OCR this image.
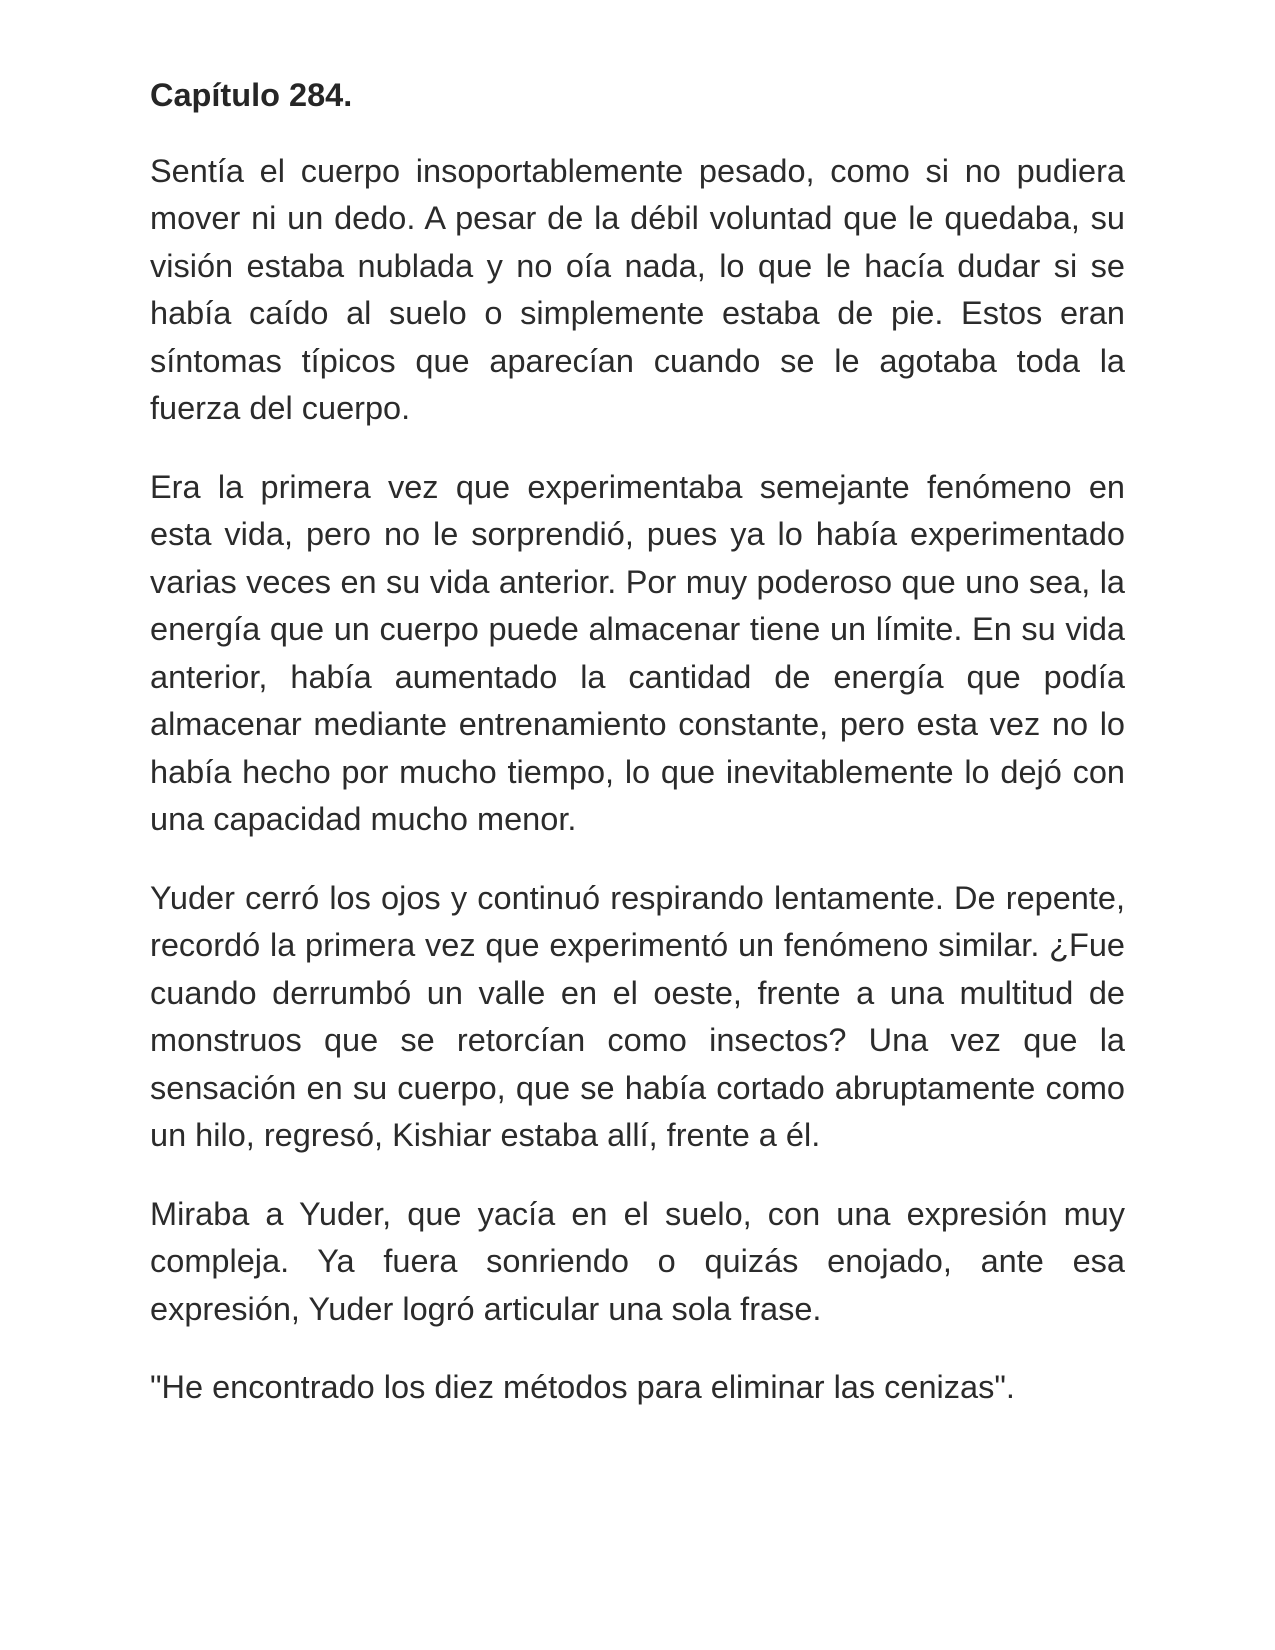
Capítulo 284.

Sentía el cuerpo insoportablemente pesado, como si no pudiera mover ni un dedo. A pesar de la débil voluntad que le quedaba, su visión estaba nublada y no oía nada, lo que le hacía dudar si se había caído al suelo o simplemente estaba de pie. Estos eran síntomas típicos que aparecían cuando se le agotaba toda la fuerza del cuerpo.

Era la primera vez que experimentaba semejante fenómeno en esta vida, pero no le sorprendió, pues ya lo había experimentado varias veces en su vida anterior. Por muy poderoso que uno sea, la energía que un cuerpo puede almacenar tiene un límite. En su vida anterior, había aumentado la cantidad de energía que podía almacenar mediante entrenamiento constante, pero esta vez no lo había hecho por mucho tiempo, lo que inevitablemente lo dejó con una capacidad mucho menor.

Yuder cerró los ojos y continuó respirando lentamente. De repente, recordó la primera vez que experimentó un fenómeno similar. ¿Fue cuando derrumbó un valle en el oeste, frente a una multitud de monstruos que se retorcían como insectos? Una vez que la sensación en su cuerpo, que se había cortado abruptamente como un hilo, regresó, Kishiar estaba allí, frente a él.

Miraba a Yuder, que yacía en el suelo, con una expresión muy compleja. Ya fuera sonriendo o quizás enojado, ante esa expresión, Yuder logró articular una sola frase.

"He encontrado los diez métodos para eliminar las cenizas".
